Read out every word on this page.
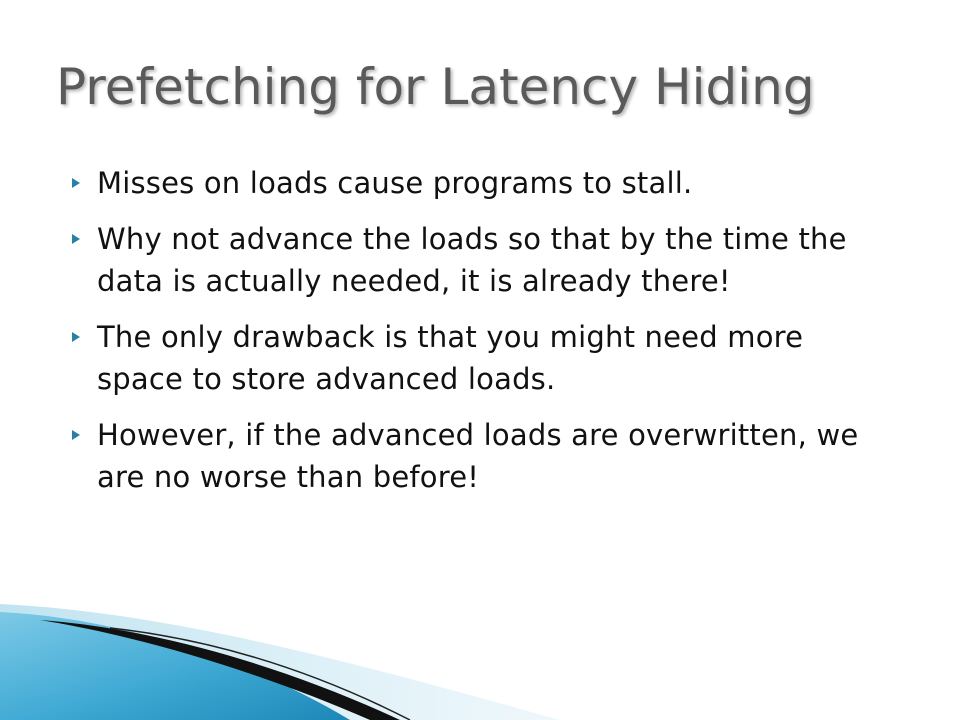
Prefetching for Latency Hiding
Misses on loads cause programs to stall.
Why not advance the loads so that by the time the data is actually needed, it is already there!
The only drawback is that you might need more space to store advanced loads.
However, if the advanced loads are overwritten, we are no worse than before!
